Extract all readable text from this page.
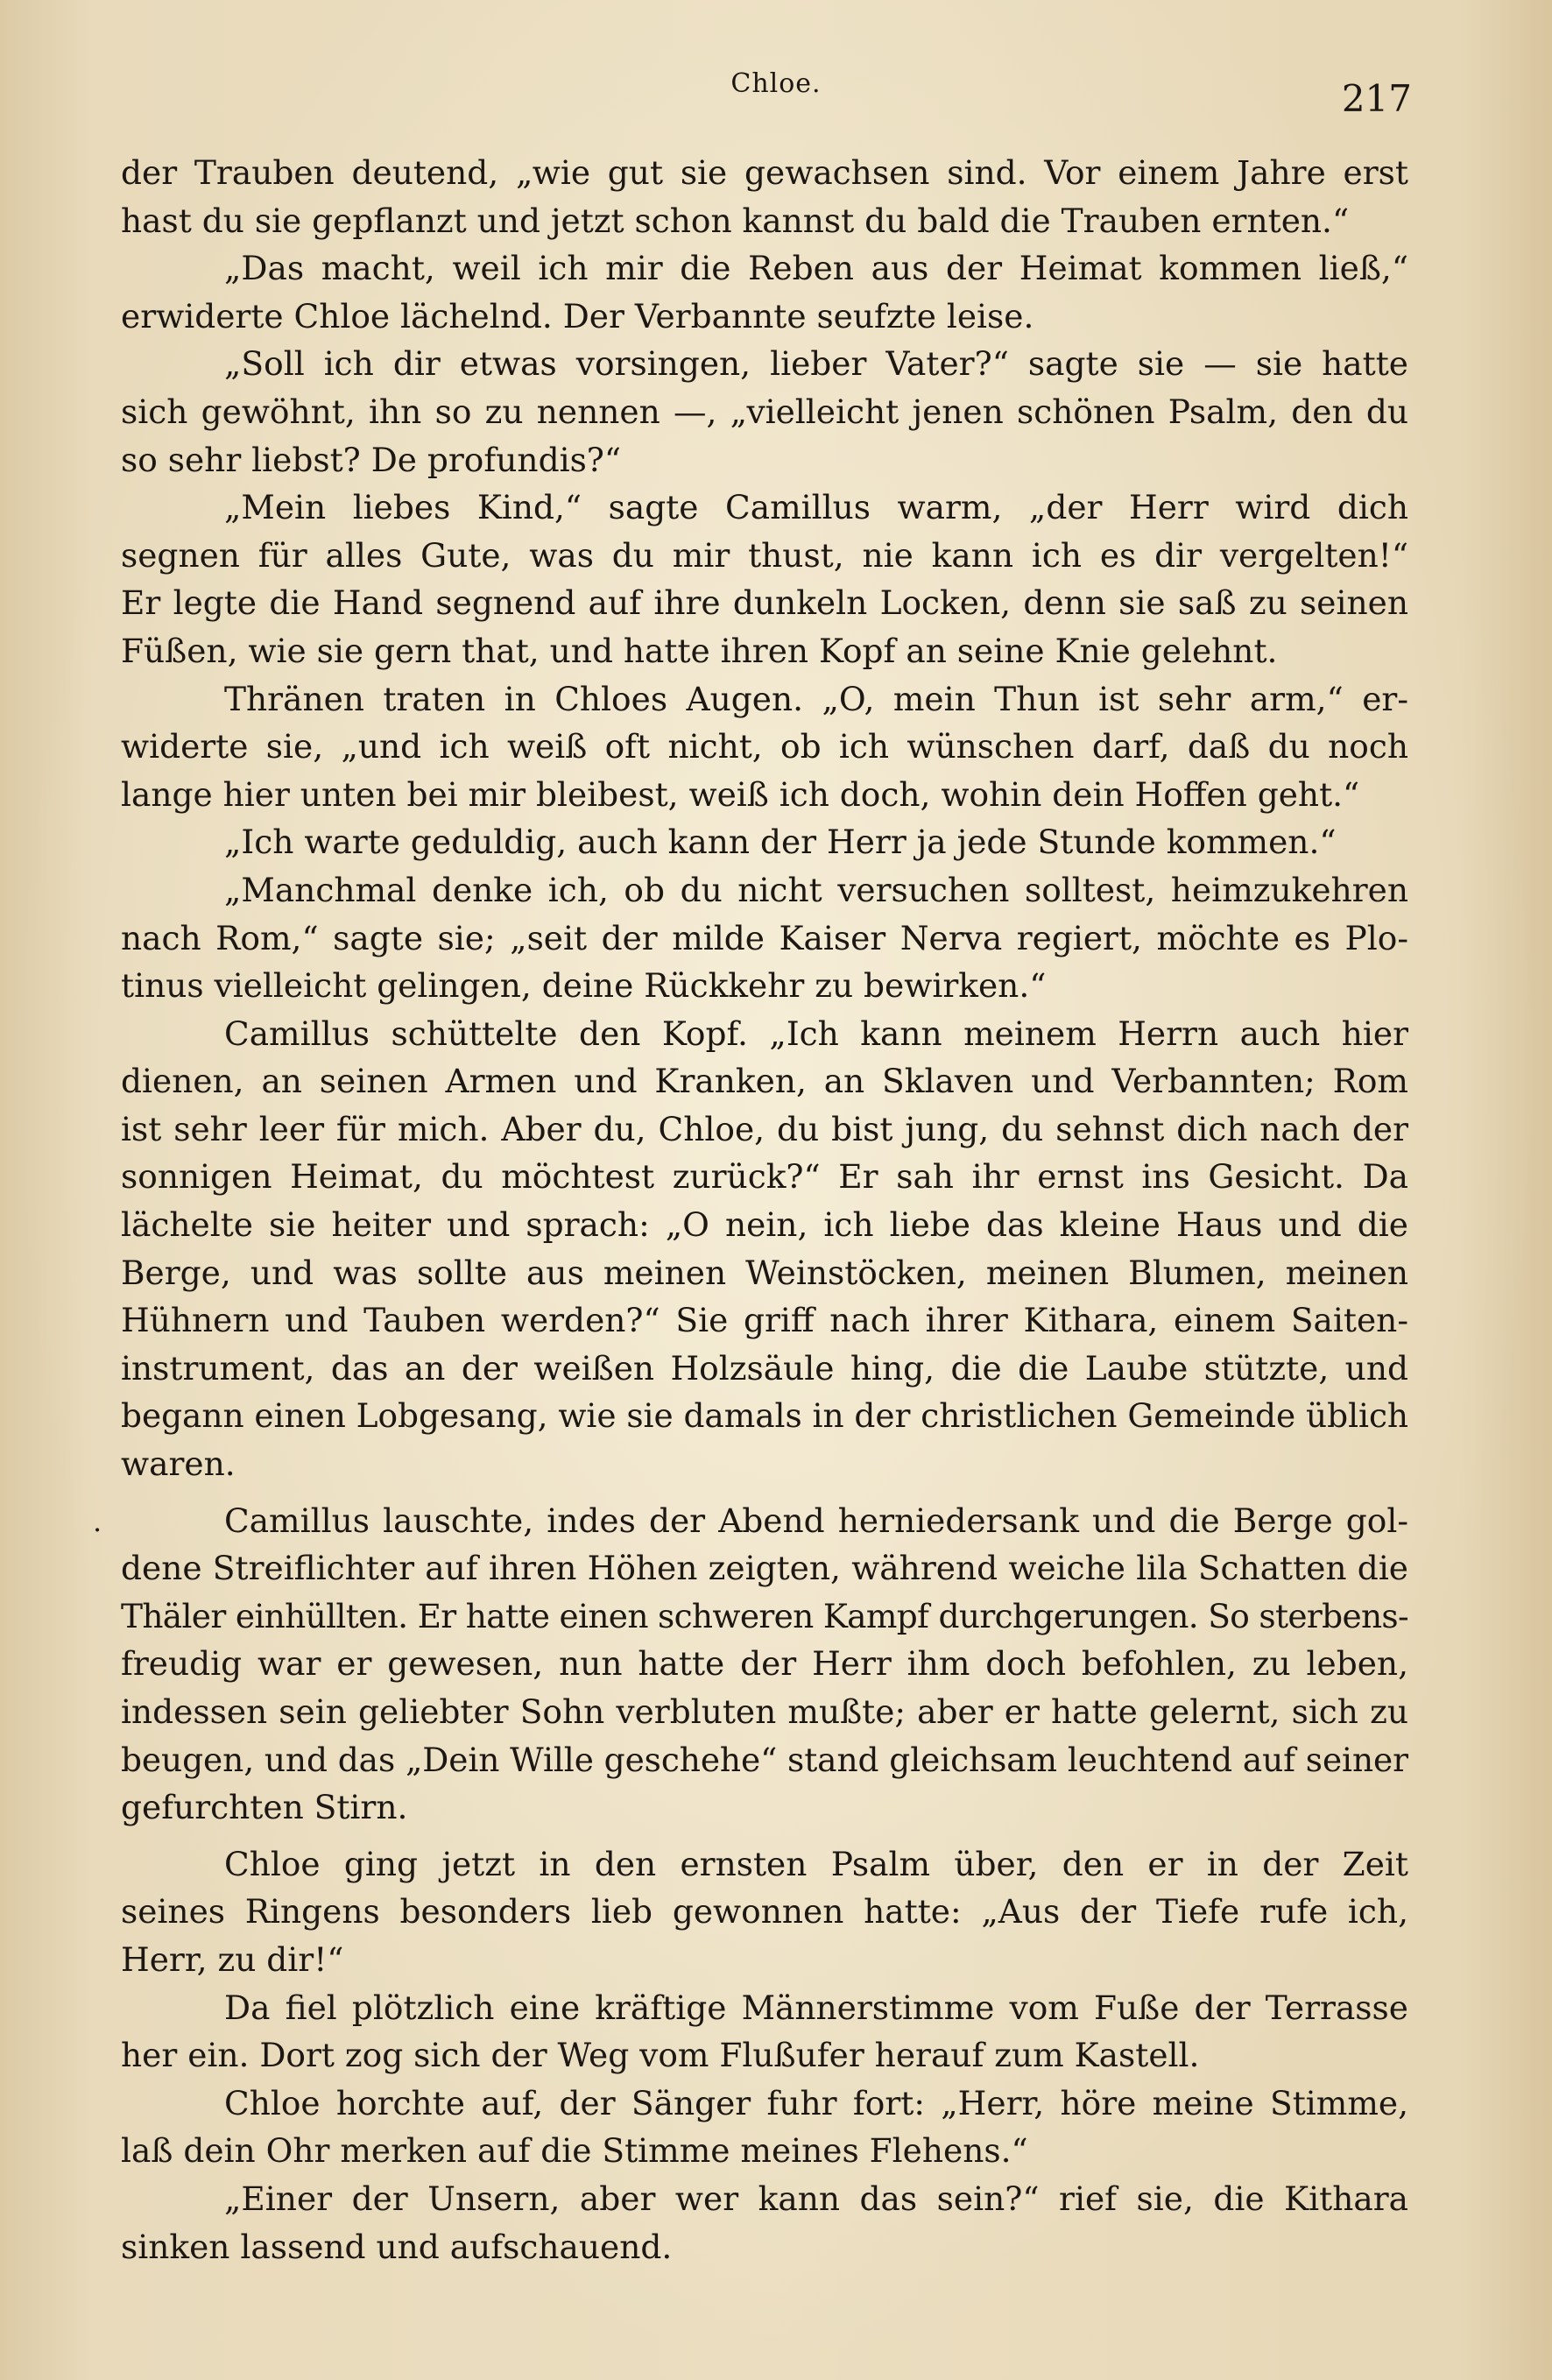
Chloe.	217
.
der Trauben deutend, „wie gut sie gewachsen sind. Vor einem Jahre erst
hast du sie gepflanzt und jetzt schon kannst du bald die Trauben ernten.“
„Das macht, weil ich mir die Reben aus der Heimat kommen ließ,“
erwiderte Chloe lächelnd. Der Verbannte seufzte leise.
„Soll ich dir etwas vorsingen, lieber Vater?“ sagte sie — sie hatte
sich gewöhnt, ihn so zu nennen —, „vielleicht jenen schönen Psalm, den du
so sehr liebst? De profundis?“
„Mein liebes Kind,“ sagte Camillus warm, „der Herr wird dich
segnen für alles Gute, was du mir thust, nie kann ich es dir vergelten!“
Er legte die Hand segnend auf ihre dunkeln Locken, denn sie saß zu seinen
Füßen, wie sie gern that, und hatte ihren Kopf an seine Knie gelehnt.
Thränen traten in Chloes Augen. „O, mein Thun ist sehr arm,“ er-
widerte sie, „und ich weiß oft nicht, ob ich wünschen darf, daß du noch
lange hier unten bei mir bleibest, weiß ich doch, wohin dein Hoffen geht.“
„Ich warte geduldig, auch kann der Herr ja jede Stunde kommen.“
„Manchmal denke ich, ob du nicht versuchen solltest, heimzukehren
nach Rom,“ sagte sie; „seit der milde Kaiser Nerva regiert, möchte es Plo-
tinus vielleicht gelingen, deine Rückkehr zu bewirken.“
Camillus schüttelte den Kopf. „Ich kann meinem Herrn auch hier
dienen, an seinen Armen und Kranken, an Sklaven und Verbannten; Rom
ist sehr leer für mich. Aber du, Chloe, du bist jung, du sehnst dich nach der
sonnigen Heimat, du möchtest zurück?“ Er sah ihr ernst ins Gesicht. Da
lächelte sie heiter und sprach: „O nein, ich liebe das kleine Haus und die
Berge, und was sollte aus meinen Weinstöcken, meinen Blumen, meinen
Hühnern und Tauben werden?“ Sie griff nach ihrer Kithara, einem Saiten-
instrument, das an der weißen Holzsäule hing, die die Laube stützte, und
begann einen Lobgesang, wie sie damals in der christlichen Gemeinde üblich
waren.
Camillus lauschte, indes der Abend herniedersank und die Berge gol-
dene Streiflichter auf ihren Höhen zeigten, während weiche lila Schatten die
Thäler einhüllten. Er hatte einen schweren Kampf durchgerungen. So sterbens-
freudig war er gewesen, nun hatte der Herr ihm doch befohlen, zu leben,
indessen sein geliebter Sohn verbluten mußte; aber er hatte gelernt, sich zu
beugen, und das „Dein Wille geschehe“ stand gleichsam leuchtend auf seiner
gefurchten Stirn.
Chloe ging jetzt in den ernsten Psalm über, den er in der Zeit
seines Ringens besonders lieb gewonnen hatte: „Aus der Tiefe rufe ich,
Herr, zu dir!“
Da fiel plötzlich eine kräftige Männerstimme vom Fuße der Terrasse
her ein. Dort zog sich der Weg vom Flußufer herauf zum Kastell.
Chloe horchte auf, der Sänger fuhr fort: „Herr, höre meine Stimme,
laß dein Ohr merken auf die Stimme meines Flehens.“
„Einer der Unsern, aber wer kann das sein?“ rief sie, die Kithara
sinken lassend und aufschauend.
